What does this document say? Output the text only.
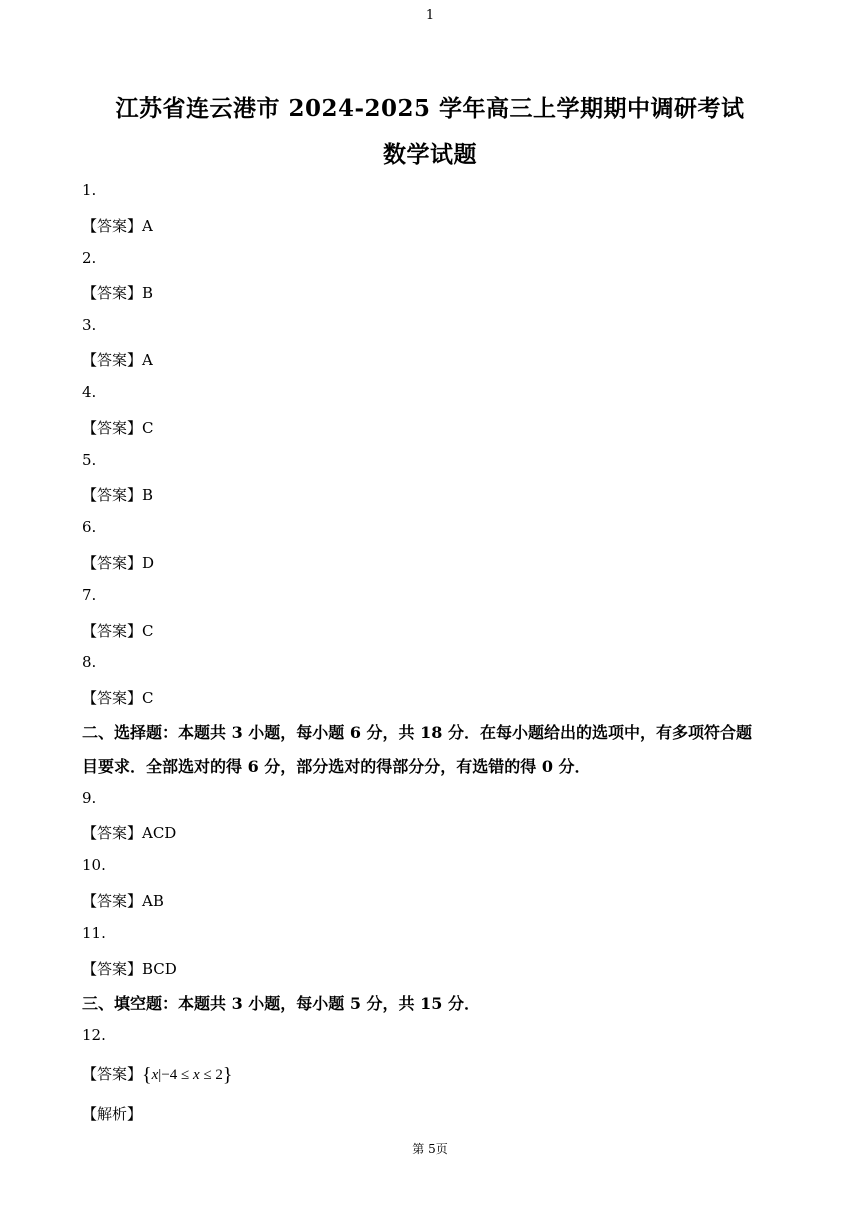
1
江苏省连云港市 2024-2025 学年高三上学期期中调研考试
数学试题
1.
【答案】A
2.
【答案】B
3.
【答案】A
4.
【答案】C
5.
【答案】B
6.
【答案】D
7.
【答案】C
8.
【答案】C
二、选择题：本题共 3 小题，每小题 6 分，共 18 分．在每小题给出的选项中，有多项符合题
目要求．全部选对的得 6 分，部分选对的得部分分，有选错的得 0 分．
9.
【答案】ACD
10.
【答案】AB
11.
【答案】BCD
三、填空题：本题共 3 小题，每小题 5 分，共 15 分．
12.
【答案】{x|−4 ≤ x ≤ 2}
【解析】
第 5页
